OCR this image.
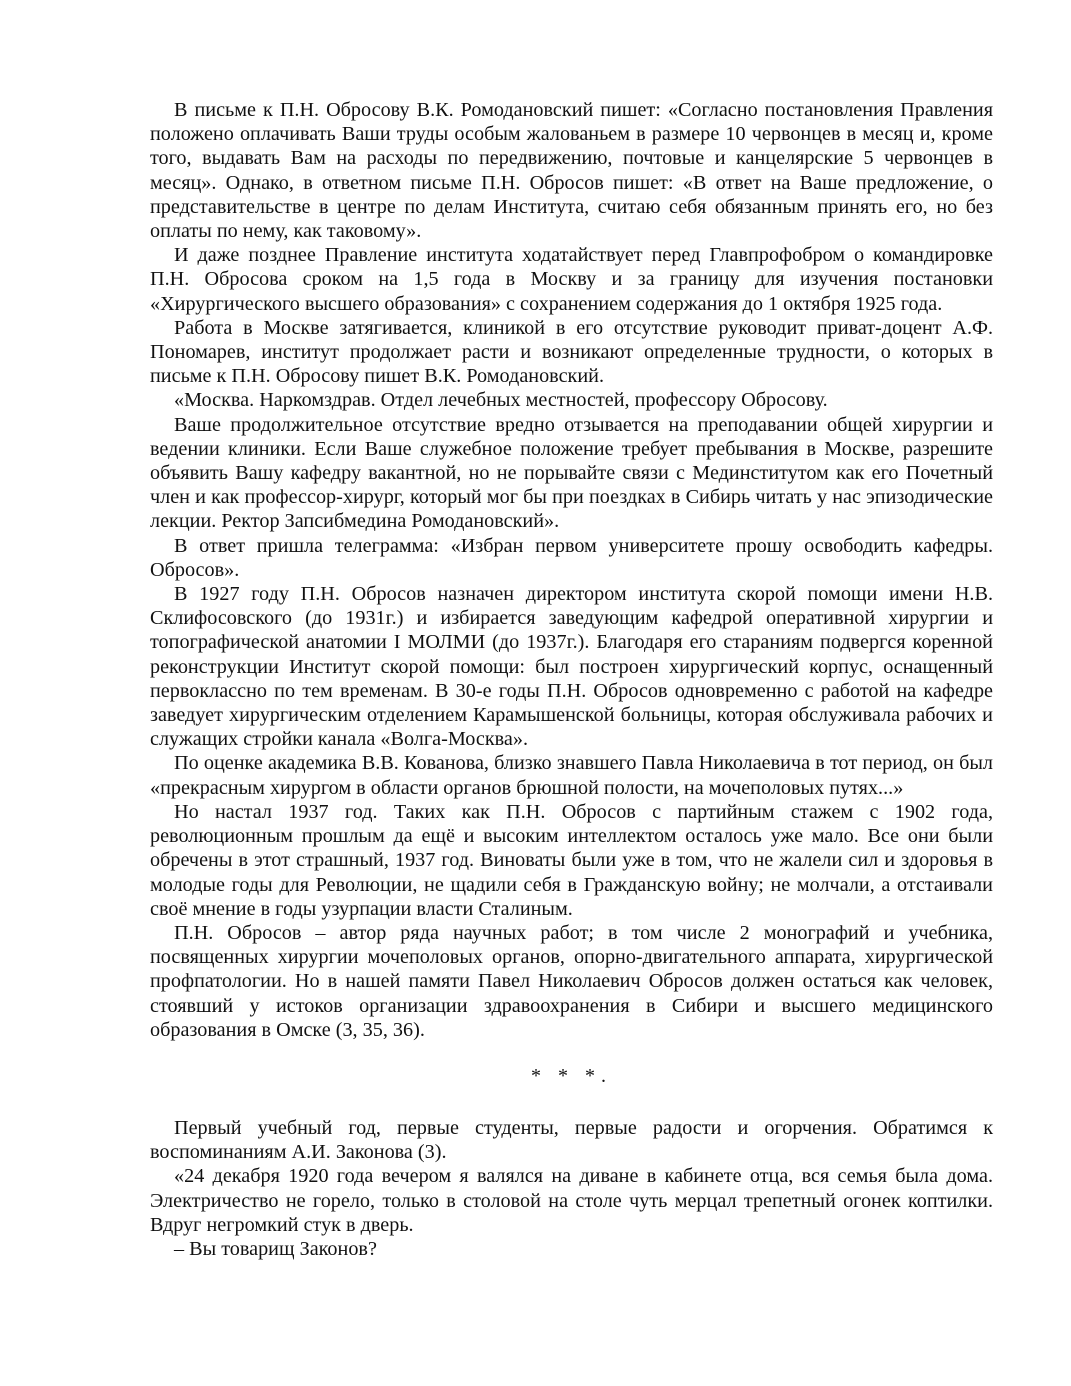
В письме к П.Н. Обросову В.К. Ромодановский пишет: «Согласно постановления Правления положено оплачивать Ваши труды особым жалованьем в размере 10 червонцев в месяц и, кроме того, выдавать Вам на расходы по передвижению, почтовые и канцелярские 5 червонцев в месяц». Однако, в ответном письме П.Н. Обросов пишет: «В ответ на Ваше предложение, о представительстве в центре по делам Института, считаю себя обязанным принять его, но без оплаты по нему, как таковому».

И даже позднее Правление института ходатайствует перед Главпрофобром о командировке П.Н. Обросова сроком на 1,5 года в Москву и за границу для изучения постановки «Хирургического высшего образования» с сохранением содержания до 1 октября 1925 года.

Работа в Москве затягивается, клиникой в его отсутствие руководит приват-доцент А.Ф. Пономарев, институт продолжает расти и возникают определенные трудности, о которых в письме к П.Н. Обросову пишет В.К. Ромодановский.

«Москва. Наркомздрав. Отдел лечебных местностей, профессору Обросову.

Ваше продолжительное отсутствие вредно отзывается на преподавании общей хирургии и ведении клиники. Если Ваше служебное положение требует пребывания в Москве, разрешите объявить Вашу кафедру вакантной, но не порывайте связи с Мединститутом как его Почетный член и как профессор-хирург, который мог бы при поездках в Сибирь читать у нас эпизодические лекции. Ректор Запсибмедина Ромодановский».

В ответ пришла телеграмма: «Избран первом университете прошу освободить кафедры. Обросов».

В 1927 году П.Н. Обросов назначен директором института скорой помощи имени Н.В. Склифосовского (до 1931г.) и избирается заведующим кафедрой оперативной хирургии и топографической анатомии I МОЛМИ (до 1937г.). Благодаря его стараниям подвергся коренной реконструкции Институт скорой помощи: был построен хирургический корпус, оснащенный первоклассно по тем временам. В 30-е годы П.Н. Обросов одновременно с работой на кафедре заведует хирургическим отделением Карамышенской больницы, которая обслуживала рабочих и служащих стройки канала «Волга-Москва».

По оценке академика В.В. Кованова, близко знавшего Павла Николаевича в тот период, он был «прекрасным хирургом в области органов брюшной полости, на мочеполовых путях...»

Но настал 1937 год. Таких как П.Н. Обросов с партийным стажем с 1902 года, революционным прошлым да ещё и высоким интеллектом осталось уже мало. Все они были обречены в этот страшный, 1937 год. Виноваты были уже в том, что не жалели сил и здоровья в молодые годы для Революции, не щадили себя в Гражданскую войну; не молчали, а отстаивали своё мнение в годы узурпации власти Сталиным.

П.Н. Обросов – автор ряда научных работ; в том числе 2 монографий и учебника, посвященных хирургии мочеполовых органов, опорно-двигательного аппарата, хирургической профпатологии. Но в нашей памяти Павел Николаевич Обросов должен остаться как человек, стоявший у истоков организации здравоохранения в Сибири и высшего медицинского образования в Омске (3, 35, 36).

* * *.

Первый учебный год, первые студенты, первые радости и огорчения. Обратимся к воспоминаниям А.И. Законова (3).

«24 декабря 1920 года вечером я валялся на диване в кабинете отца, вся семья была дома. Электричество не горело, только в столовой на столе чуть мерцал трепетный огонек коптилки. Вдруг негромкий стук в дверь.

– Вы товарищ Законов?
